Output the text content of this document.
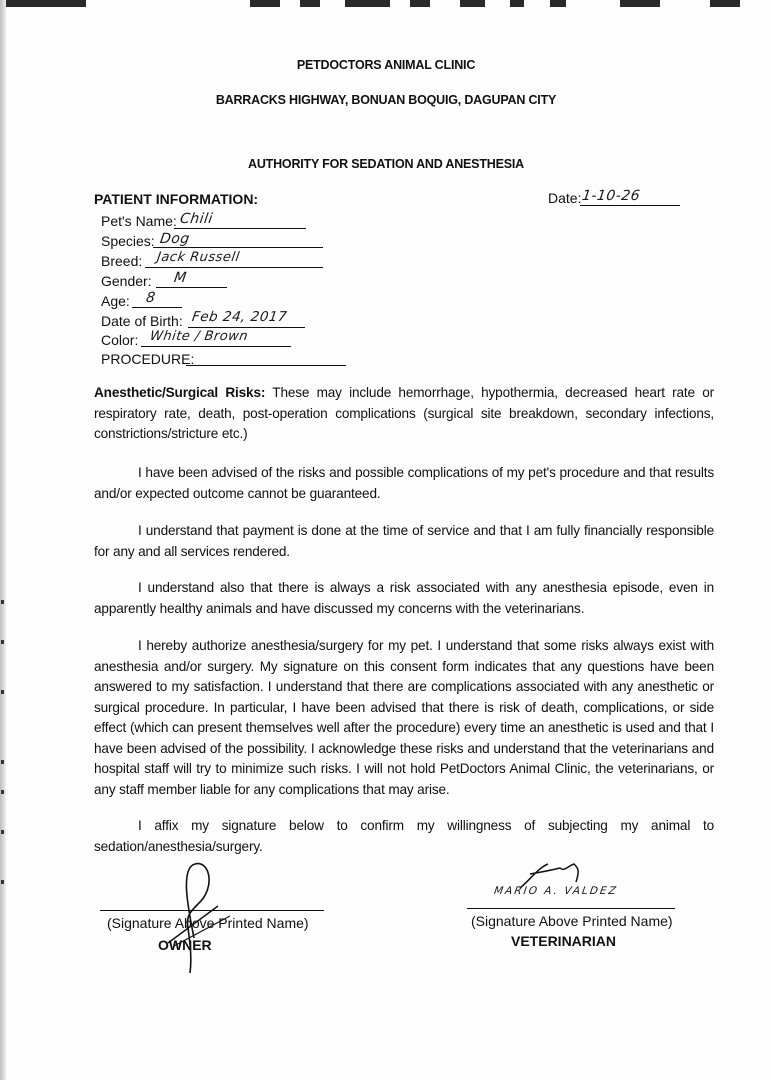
PETDOCTORS ANIMAL CLINIC
BARRACKS HIGHWAY, BONUAN BOQUIG, DAGUPAN CITY
AUTHORITY FOR SEDATION AND ANESTHESIA
PATIENT INFORMATION:	Date: 1-10-26
Pet's Name: Chili
Species: Dog
Breed: Jack Russell
Gender: M
Age: 8
Date of Birth: Feb 24, 2017
Color: White / Brown
PROCEDURE:
Anesthetic/Surgical Risks: These may include hemorrhage, hypothermia, decreased heart rate or respiratory rate, death, post-operation complications (surgical site breakdown, secondary infections, constrictions/stricture etc.)
I have been advised of the risks and possible complications of my pet's procedure and that results and/or expected outcome cannot be guaranteed.
I understand that payment is done at the time of service and that I am fully financially responsible for any and all services rendered.
I understand also that there is always a risk associated with any anesthesia episode, even in apparently healthy animals and have discussed my concerns with the veterinarians.
I hereby authorize anesthesia/surgery for my pet. I understand that some risks always exist with anesthesia and/or surgery. My signature on this consent form indicates that any questions have been answered to my satisfaction. I understand that there are complications associated with any anesthetic or surgical procedure. In particular, I have been advised that there is risk of death, complications, or side effect (which can present themselves well after the procedure) every time an anesthetic is used and that I have been advised of the possibility. I acknowledge these risks and understand that the veterinarians and hospital staff will try to minimize such risks. I will not hold PetDoctors Animal Clinic, the veterinarians, or any staff member liable for any complications that may arise.
I affix my signature below to confirm my willingness of subjecting my animal to sedation/anesthesia/surgery.
(Signature Above Printed Name)
OWNER
MARIO A. VALDEZ
(Signature Above Printed Name)
VETERINARIAN
